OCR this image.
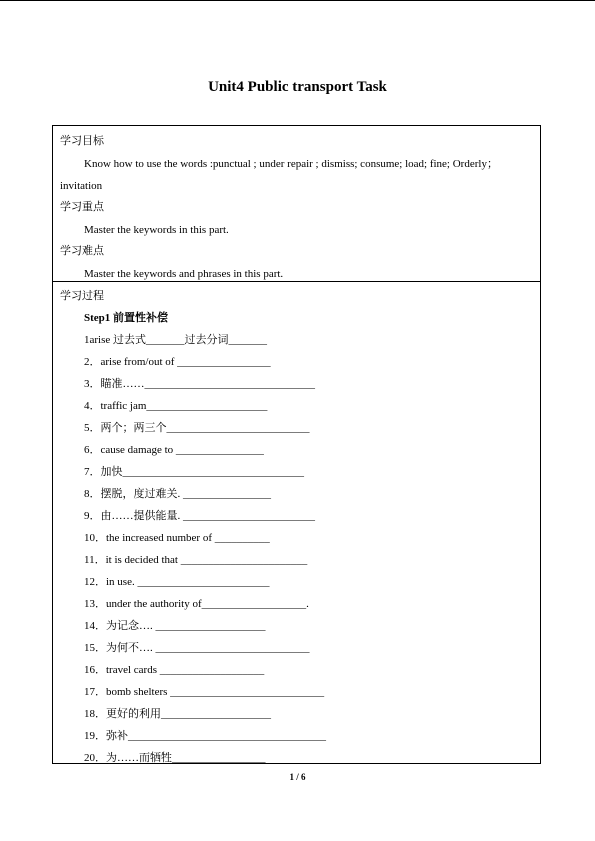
Unit4 Public transport Task
学习目标
Know how to use the words :punctual ; under repair ; dismiss; consume; load; fine; Orderly；
invitation
学习重点
Master the keywords in this part.
学习难点
Master the keywords and phrases in this part.
学习过程
Step1 前置性补偿
1arise 过去式_______过去分词_______
2．arise from/out of _________________
3．瞄准……_______________________________
4．traffic jam______________________
5．两个；两三个__________________________
6．cause damage to ________________
7．加快_________________________________
8．摆脱，度过难关. ________________
9．由……提供能量. ________________________
10．the increased number of __________
11．it is decided that _______________________
12．in use. ________________________
13．under the authority of___________________.
14．为记念…. ____________________
15．为何不…. ____________________________
16．travel cards ___________________
17．bomb shelters ____________________________
18．更好的利用____________________
19．弥补____________________________________
20．为……而牺牲_________________
1 / 6
